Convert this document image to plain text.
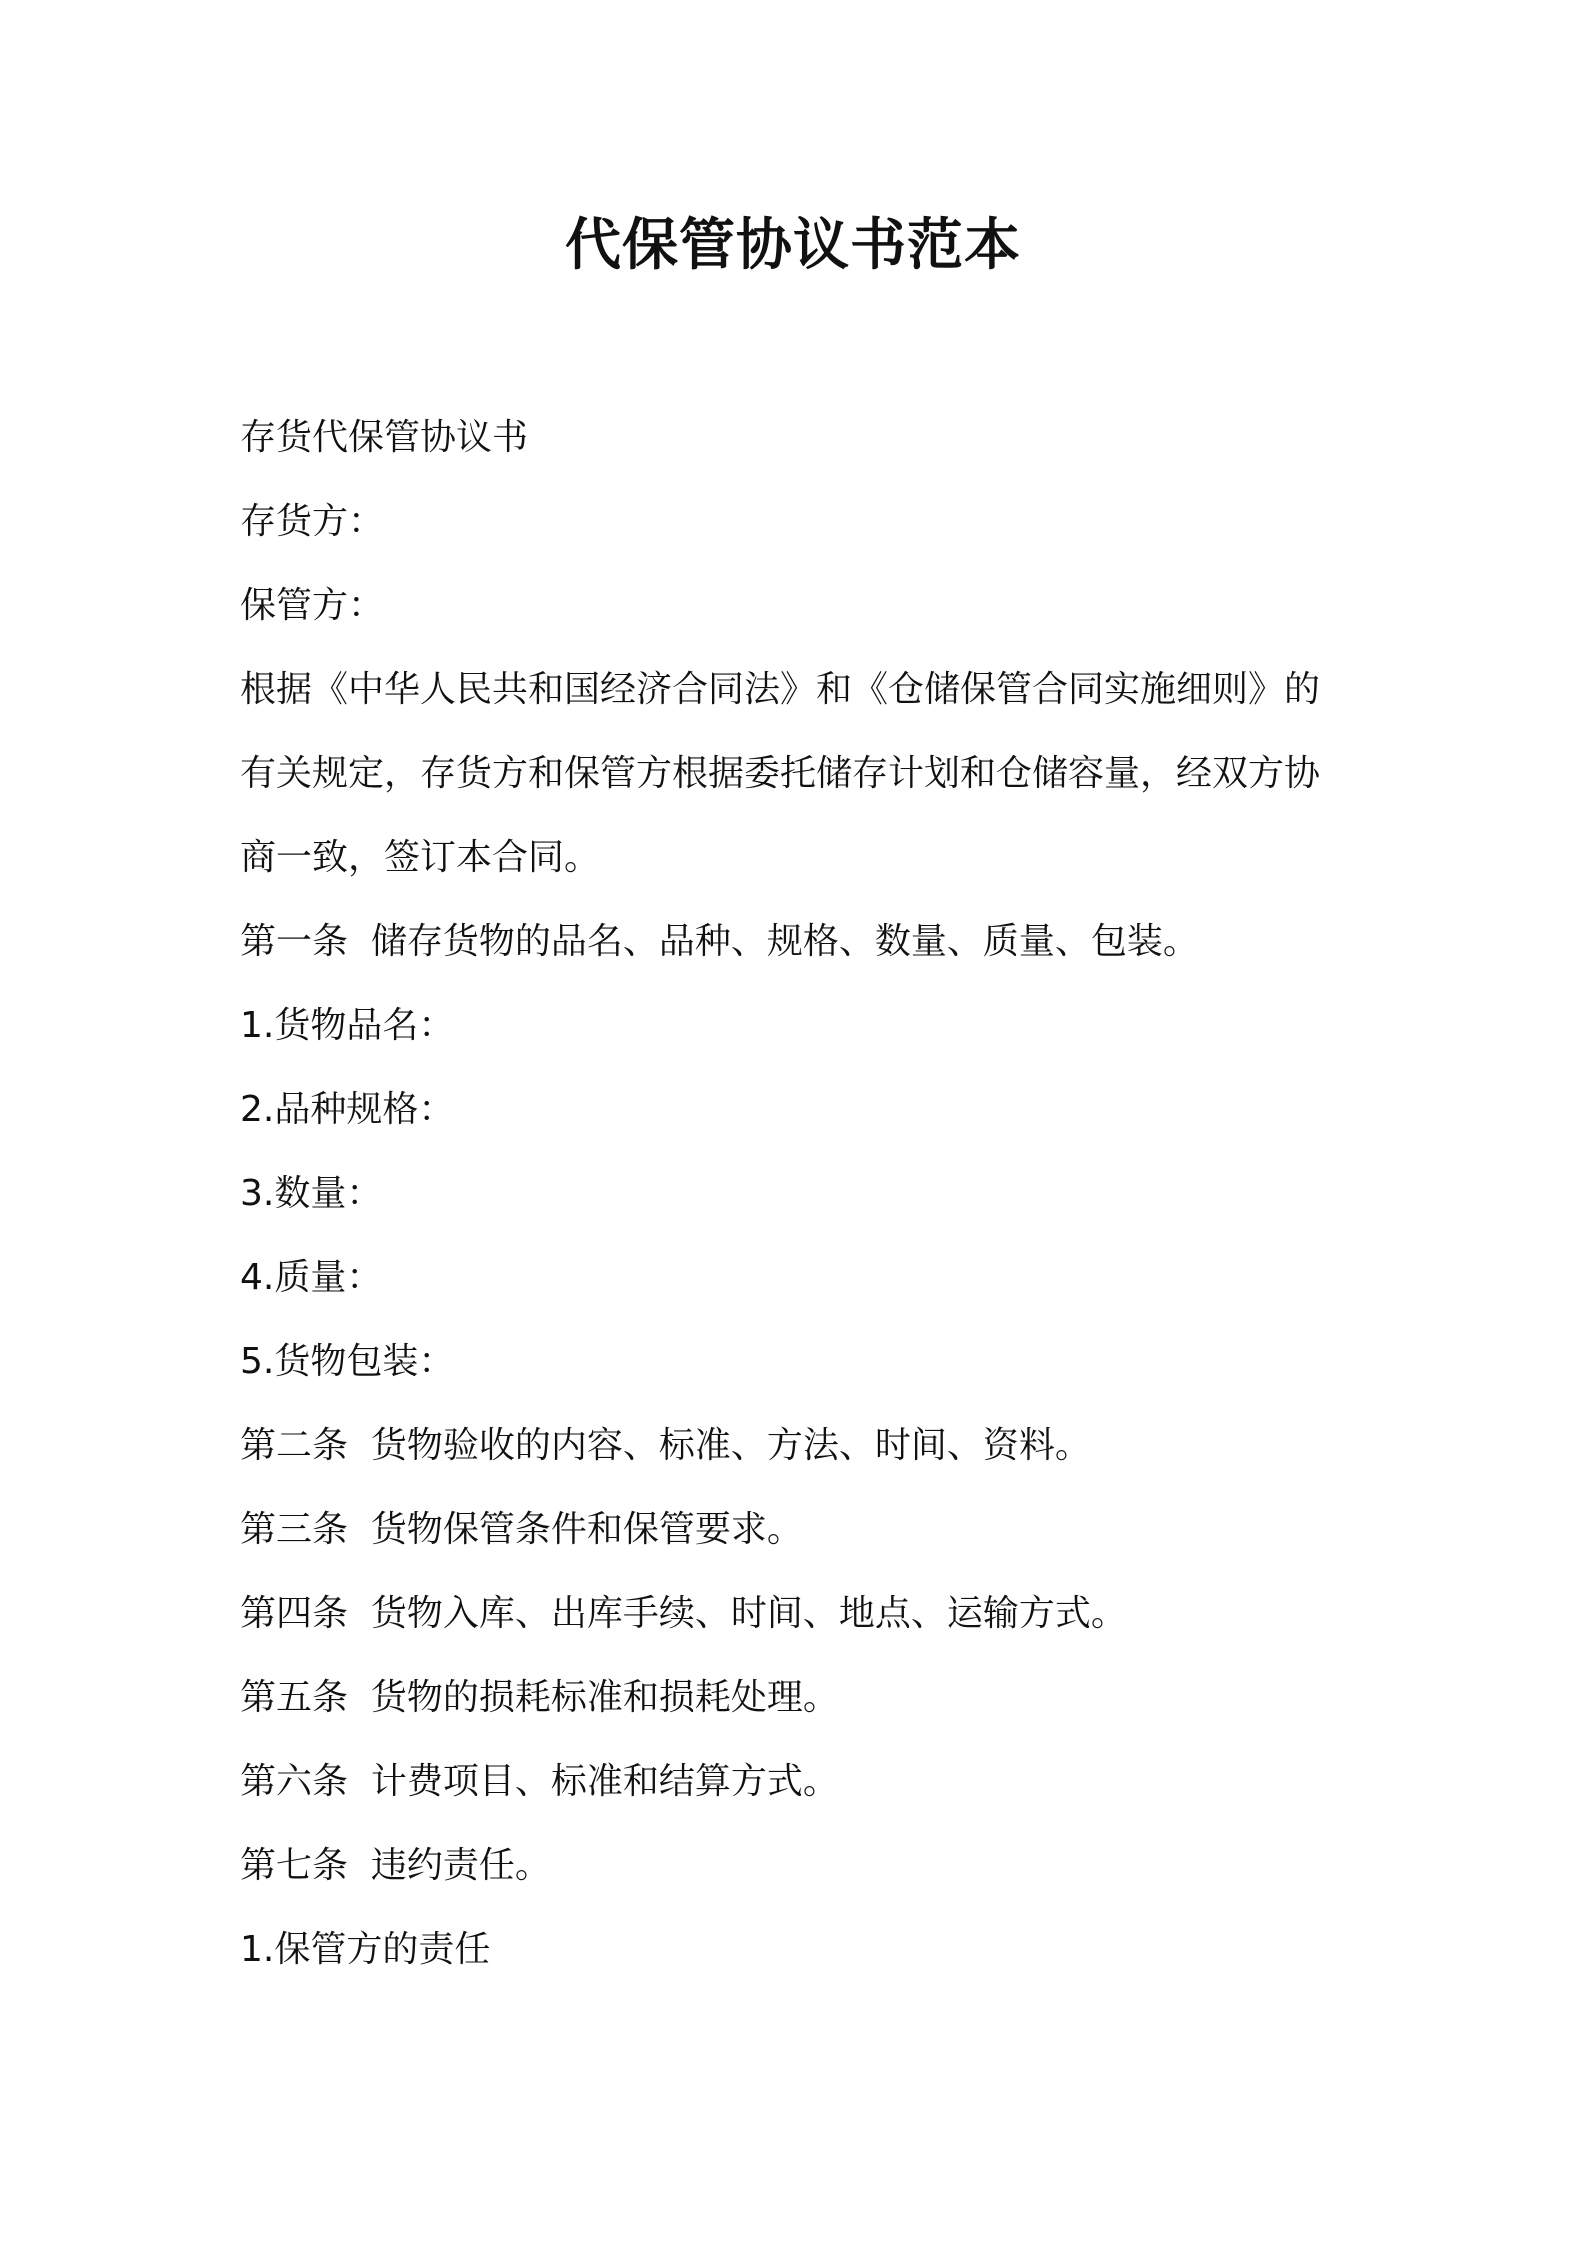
代保管协议书范本

存货代保管协议书

存货方：

保管方：

根据《中华人民共和国经济合同法》和《仓储保管合同实施细则》的

有关规定，存货方和保管方根据委托储存计划和仓储容量，经双方协

商一致，签订本合同。

第一条  储存货物的品名、品种、规格、数量、质量、包装。

1.货物品名：

2.品种规格：

3.数量：

4.质量：

5.货物包装：

第二条  货物验收的内容、标准、方法、时间、资料。

第三条  货物保管条件和保管要求。

第四条  货物入库、出库手续、时间、地点、运输方式。

第五条  货物的损耗标准和损耗处理。

第六条  计费项目、标准和结算方式。

第七条  违约责任。

1.保管方的责任
